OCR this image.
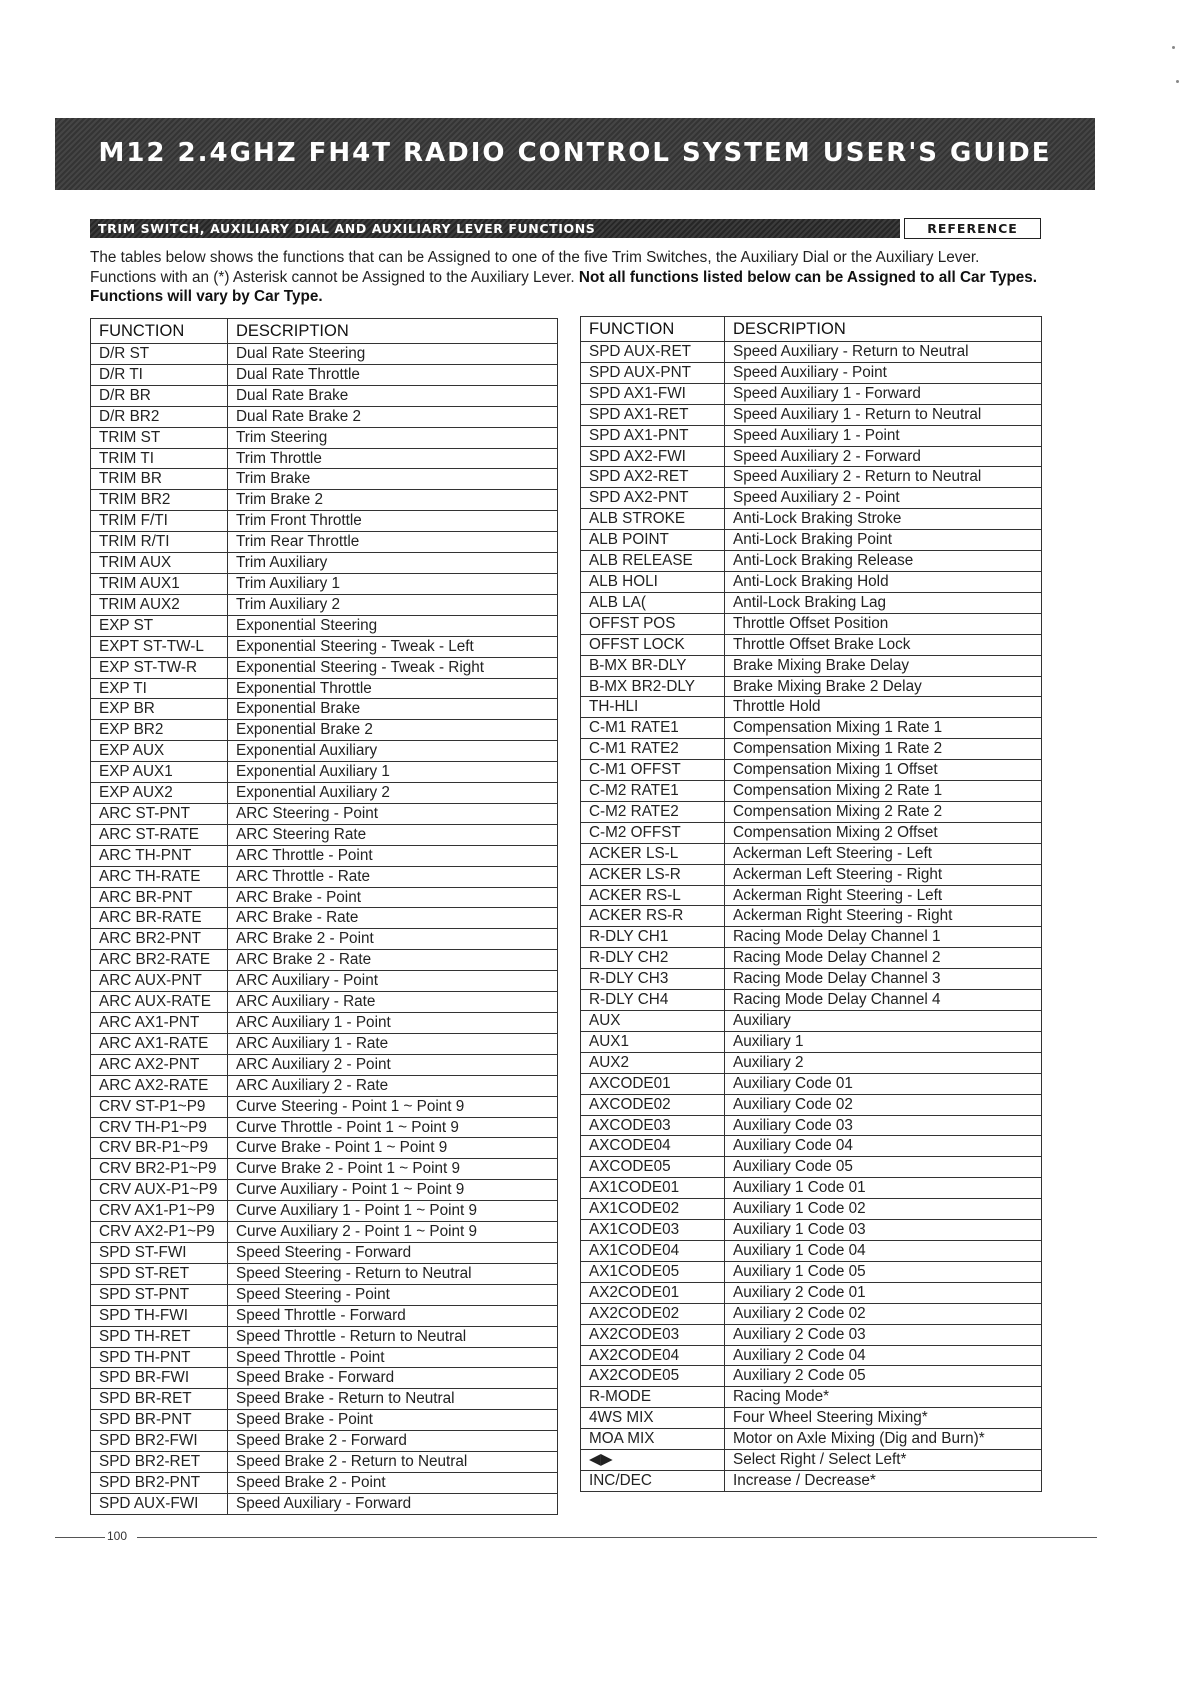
M12 2.4GHZ FH4T RADIO CONTROL SYSTEM USER'S GUIDE
TRIM SWITCH, AUXILIARY DIAL AND AUXILIARY LEVER FUNCTIONS	REFERENCE
The tables below shows the functions that can be Assigned to one of the five Trim Switches, the Auxiliary Dial or the Auxiliary Lever. Functions with an (*) Asterisk cannot be Assigned to the Auxiliary Lever. Not all functions listed below can be Assigned to all Car Types. Functions will vary by Car Type.
FUNCTION	DESCRIPTION
D/R ST	Dual Rate Steering
D/R TI	Dual Rate Throttle
D/R BR	Dual Rate Brake
D/R BR2	Dual Rate Brake 2
TRIM ST	Trim Steering
TRIM TI	Trim Throttle
TRIM BR	Trim Brake
TRIM BR2	Trim Brake 2
TRIM F/TI	Trim Front Throttle
TRIM R/TI	Trim Rear Throttle
TRIM AUX	Trim Auxiliary
TRIM AUX1	Trim Auxiliary 1
TRIM AUX2	Trim Auxiliary 2
EXP ST	Exponential Steering
EXPT ST-TW-L	Exponential Steering - Tweak - Left
EXP ST-TW-R	Exponential Steering - Tweak - Right
EXP TI	Exponential Throttle
EXP BR	Exponential Brake
EXP BR2	Exponential Brake 2
EXP AUX	Exponential Auxiliary
EXP AUX1	Exponential Auxiliary 1
EXP AUX2	Exponential Auxiliary 2
ARC ST-PNT	ARC Steering - Point
ARC ST-RATE	ARC Steering Rate
ARC TH-PNT	ARC Throttle - Point
ARC TH-RATE	ARC Throttle - Rate
ARC BR-PNT	ARC Brake - Point
ARC BR-RATE	ARC Brake - Rate
ARC BR2-PNT	ARC Brake 2 - Point
ARC BR2-RATE	ARC Brake 2 - Rate
ARC AUX-PNT	ARC Auxiliary - Point
ARC AUX-RATE	ARC Auxiliary - Rate
ARC AX1-PNT	ARC Auxiliary 1 - Point
ARC AX1-RATE	ARC Auxiliary 1 - Rate
ARC AX2-PNT	ARC Auxiliary 2 - Point
ARC AX2-RATE	ARC Auxiliary 2 - Rate
CRV ST-P1~P9	Curve Steering - Point 1 ~ Point 9
CRV TH-P1~P9	Curve Throttle - Point 1 ~ Point 9
CRV BR-P1~P9	Curve Brake - Point 1 ~ Point 9
CRV BR2-P1~P9	Curve Brake 2 - Point 1 ~ Point 9
CRV AUX-P1~P9	Curve Auxiliary - Point 1 ~ Point 9
CRV AX1-P1~P9	Curve Auxiliary 1 - Point 1 ~ Point 9
CRV AX2-P1~P9	Curve Auxiliary 2 - Point 1 ~ Point 9
SPD ST-FWI	Speed Steering - Forward
SPD ST-RET	Speed Steering - Return to Neutral
SPD ST-PNT	Speed Steering - Point
SPD TH-FWI	Speed Throttle - Forward
SPD TH-RET	Speed Throttle - Return to Neutral
SPD TH-PNT	Speed Throttle - Point
SPD BR-FWI	Speed Brake - Forward
SPD BR-RET	Speed Brake - Return to Neutral
SPD BR-PNT	Speed Brake - Point
SPD BR2-FWI	Speed Brake 2 - Forward
SPD BR2-RET	Speed Brake 2 - Return to Neutral
SPD BR2-PNT	Speed Brake 2 - Point
SPD AUX-FWI	Speed Auxiliary - Forward
FUNCTION	DESCRIPTION
SPD AUX-RET	Speed Auxiliary - Return to Neutral
SPD AUX-PNT	Speed Auxiliary - Point
SPD AX1-FWI	Speed Auxiliary 1 - Forward
SPD AX1-RET	Speed Auxiliary 1 - Return to Neutral
SPD AX1-PNT	Speed Auxiliary 1 - Point
SPD AX2-FWI	Speed Auxiliary 2 - Forward
SPD AX2-RET	Speed Auxiliary 2 - Return to Neutral
SPD AX2-PNT	Speed Auxiliary 2 - Point
ALB STROKE	Anti-Lock Braking Stroke
ALB POINT	Anti-Lock Braking Point
ALB RELEASE	Anti-Lock Braking Release
ALB HOLI	Anti-Lock Braking Hold
ALB LA(	Antil-Lock Braking Lag
OFFST POS	Throttle Offset Position
OFFST LOCK	Throttle Offset Brake Lock
B-MX BR-DLY	Brake Mixing Brake Delay
B-MX BR2-DLY	Brake Mixing Brake 2 Delay
TH-HLI	Throttle Hold
C-M1 RATE1	Compensation Mixing 1 Rate 1
C-M1 RATE2	Compensation Mixing 1 Rate 2
C-M1 OFFST	Compensation Mixing 1 Offset
C-M2 RATE1	Compensation Mixing 2 Rate 1
C-M2 RATE2	Compensation Mixing 2 Rate 2
C-M2 OFFST	Compensation Mixing 2 Offset
ACKER LS-L	Ackerman Left Steering - Left
ACKER LS-R	Ackerman Left Steering - Right
ACKER RS-L	Ackerman Right Steering - Left
ACKER RS-R	Ackerman Right Steering - Right
R-DLY CH1	Racing Mode Delay Channel 1
R-DLY CH2	Racing Mode Delay Channel 2
R-DLY CH3	Racing Mode Delay Channel 3
R-DLY CH4	Racing Mode Delay Channel 4
AUX	Auxiliary
AUX1	Auxiliary 1
AUX2	Auxiliary 2
AXCODE01	Auxiliary Code 01
AXCODE02	Auxiliary Code 02
AXCODE03	Auxiliary Code 03
AXCODE04	Auxiliary Code 04
AXCODE05	Auxiliary Code 05
AX1CODE01	Auxiliary 1 Code 01
AX1CODE02	Auxiliary 1 Code 02
AX1CODE03	Auxiliary 1 Code 03
AX1CODE04	Auxiliary 1 Code 04
AX1CODE05	Auxiliary 1 Code 05
AX2CODE01	Auxiliary 2 Code 01
AX2CODE02	Auxiliary 2 Code 02
AX2CODE03	Auxiliary 2 Code 03
AX2CODE04	Auxiliary 2 Code 04
AX2CODE05	Auxiliary 2 Code 05
R-MODE	Racing Mode*
4WS MIX	Four Wheel Steering Mixing*
MOA MIX	Motor on Axle Mixing (Dig and Burn)*
◀▶	Select Right / Select Left*
INC/DEC	Increase / Decrease*
100
